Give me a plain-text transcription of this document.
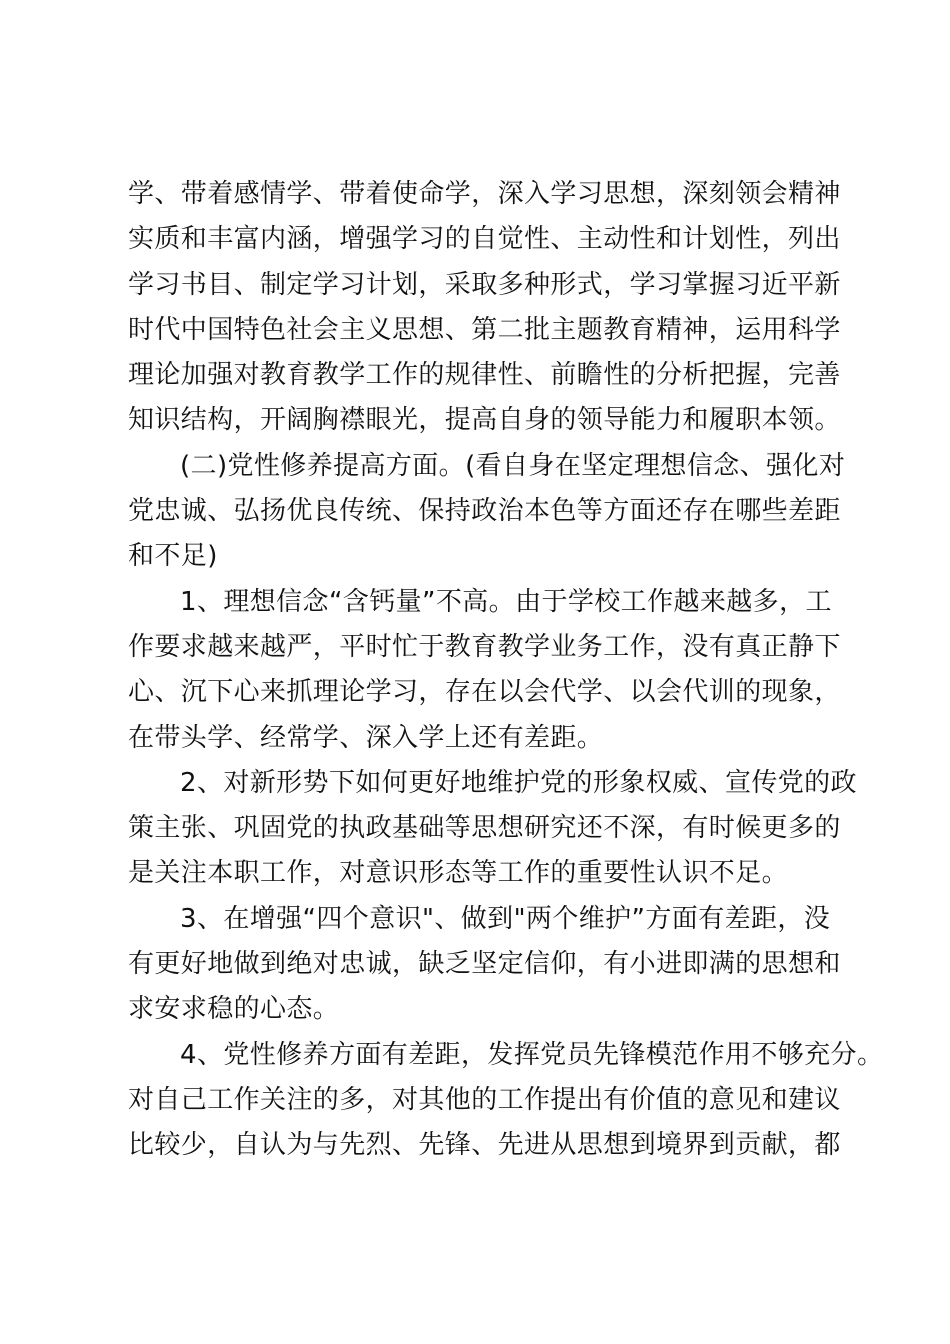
学、带着感情学、带着使命学，深入学习思想，深刻领会精神
实质和丰富内涵，增强学习的自觉性、主动性和计划性，列出
学习书目、制定学习计划，采取多种形式，学习掌握习近平新
时代中国特色社会主义思想、第二批主题教育精神，运用科学
理论加强对教育教学工作的规律性、前瞻性的分析把握，完善
知识结构，开阔胸襟眼光，提高自身的领导能力和履职本领。
(二)党性修养提高方面。(看自身在坚定理想信念、强化对
党忠诚、弘扬优良传统、保持政治本色等方面还存在哪些差距
和不足)
1、理想信念“含钙量”不高。由于学校工作越来越多，工
作要求越来越严，平时忙于教育教学业务工作，没有真正静下
心、沉下心来抓理论学习，存在以会代学、以会代训的现象，
在带头学、经常学、深入学上还有差距。
2、对新形势下如何更好地维护党的形象权威、宣传党的政
策主张、巩固党的执政基础等思想研究还不深，有时候更多的
是关注本职工作，对意识形态等工作的重要性认识不足。
3、在增强“四个意识"、做到"两个维护”方面有差距，没
有更好地做到绝对忠诚，缺乏坚定信仰，有小进即满的思想和
求安求稳的心态。
4、党性修养方面有差距，发挥党员先锋模范作用不够充分。
对自己工作关注的多，对其他的工作提出有价值的意见和建议
比较少，自认为与先烈、先锋、先进从思想到境界到贡献，都
